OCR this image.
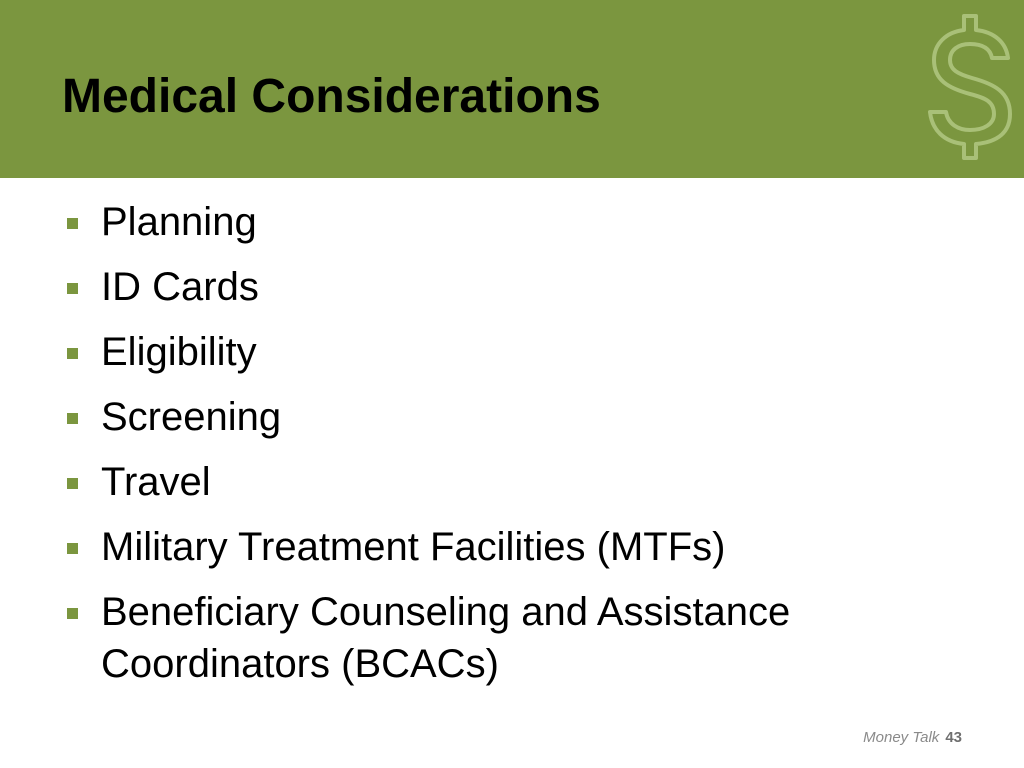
Medical Considerations
Planning
ID Cards
Eligibility
Screening
Travel
Military Treatment Facilities (MTFs)
Beneficiary Counseling and Assistance Coordinators (BCACs)
Money Talk 43
